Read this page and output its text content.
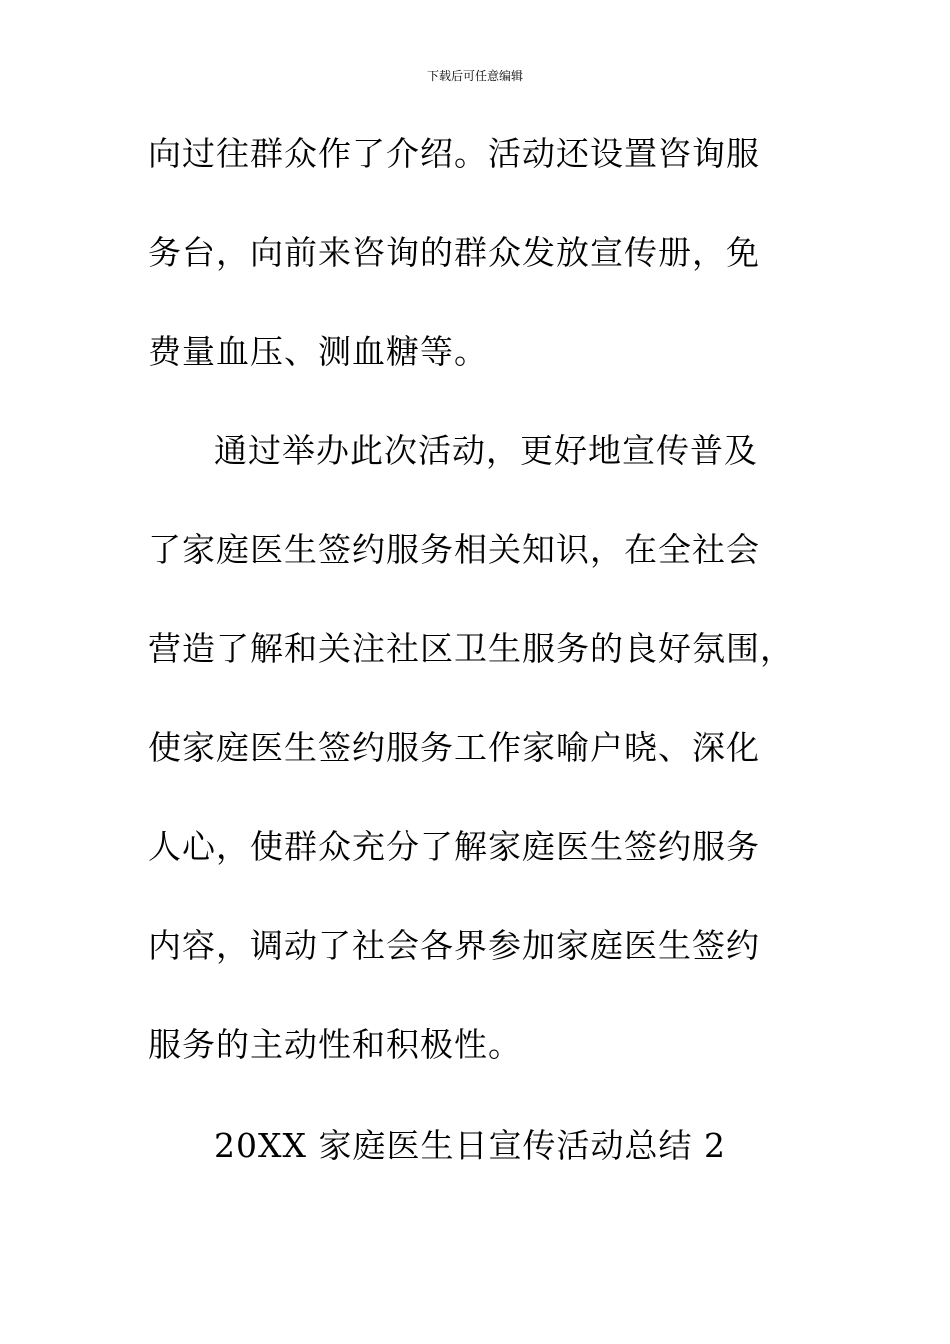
下载后可任意编辑
向过往群众作了介绍。活动还设置咨询服
务台，向前来咨询的群众发放宣传册，免
费量血压、测血糖等。
通过举办此次活动，更好地宣传普及
了家庭医生签约服务相关知识，在全社会
营造了解和关注社区卫生服务的良好氛围，
使家庭医生签约服务工作家喻户晓、深化
人心，使群众充分了解家庭医生签约服务
内容，调动了社会各界参加家庭医生签约
服务的主动性和积极性。
20XX 家庭医生日宣传活动总结 2
